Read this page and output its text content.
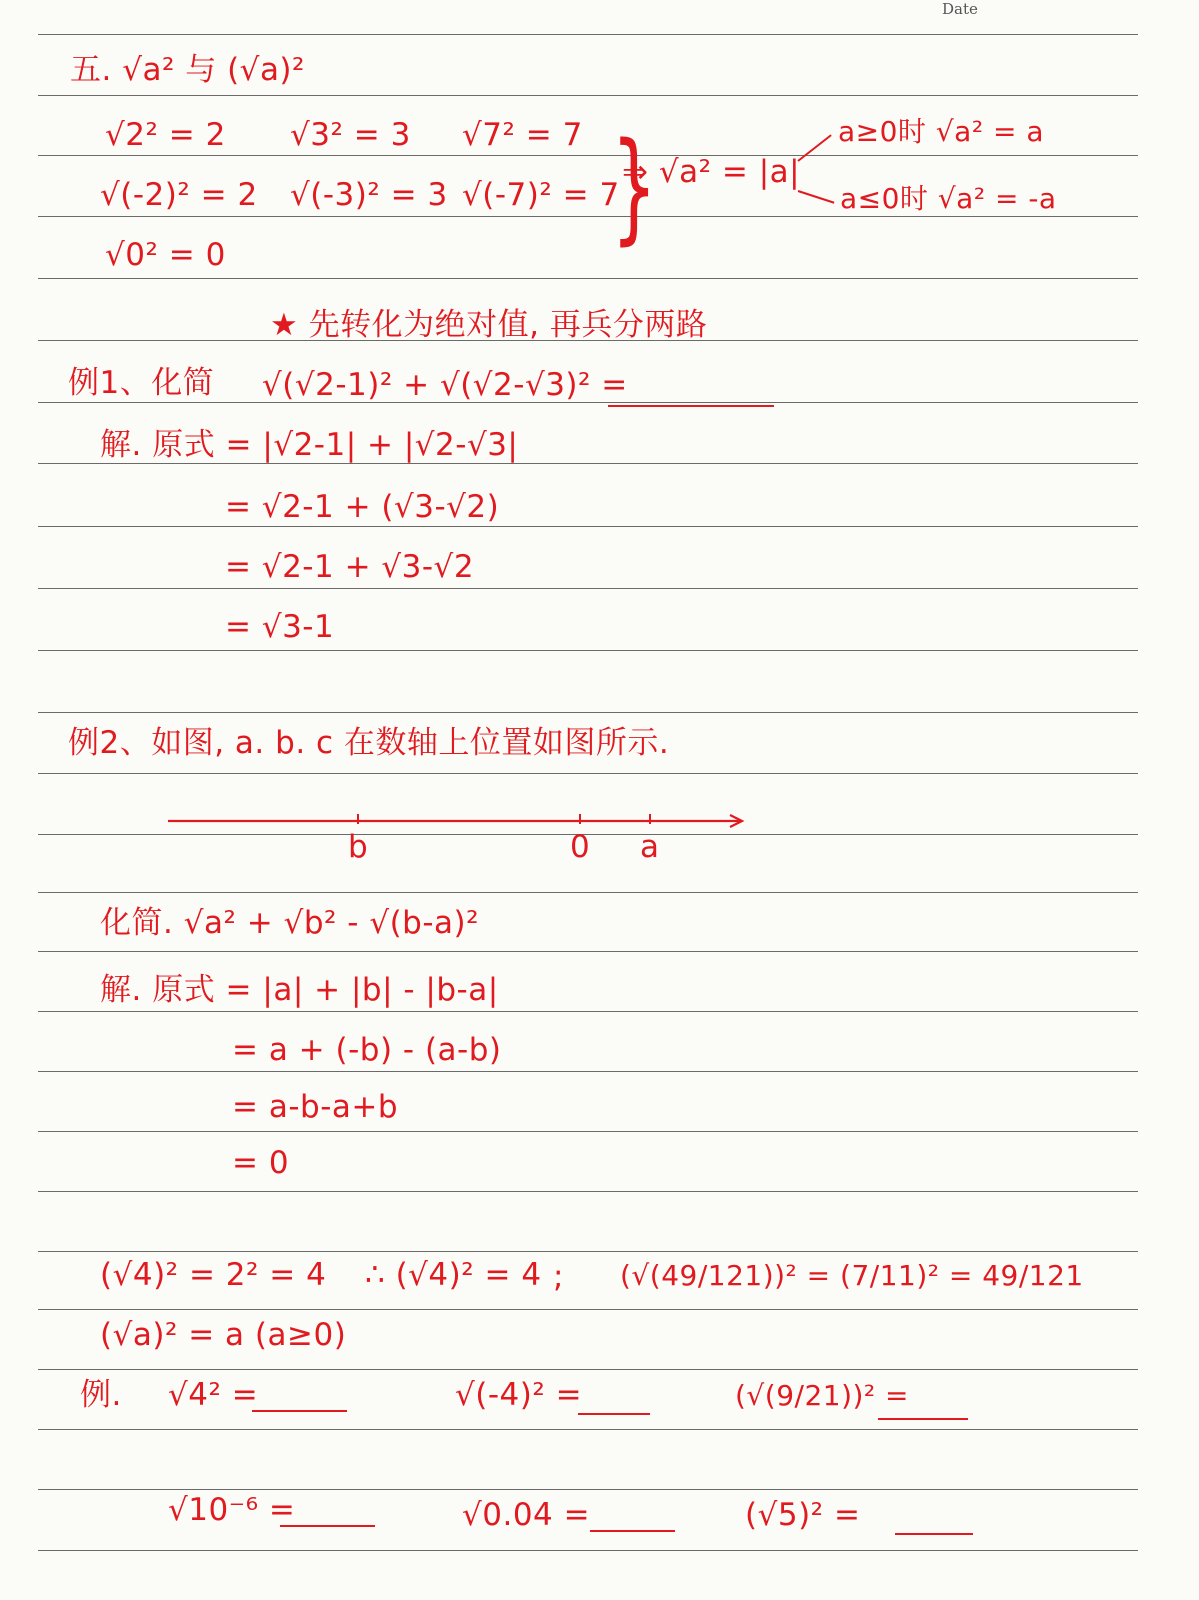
Date
五. √a² 与 (√a)²
√2² = 2 √3² = 3 √7² = 7
√(-2)² = 2 √(-3)² = 3 √(-7)² = 7
√0² = 0	}
⇒ √a² = |a|
a≥0时 √a² = a
a≤0时 √a² = -a
★ 先转化为绝对值, 再兵分两路
例1、化简 √(√2-1)² + √(√2-√3)² =
解. 原式 = |√2-1| + |√2-√3|
= √2-1 + (√3-√2)
= √2-1 + √3-√2
= √3-1
例2、如图, a. b. c 在数轴上位置如图所示.
b	0 a
化简. √a² + √b² - √(b-a)²
解. 原式 = |a| + |b| - |b-a|
= a + (-b) - (a-b)
= a-b-a+b
= 0
(√4)² = 2² = 4 ∴ (√4)² = 4 ; (√(49/121))² = (7/11)² = 49/121
(√a)² = a (a≥0)
例. √4² =	√(-4)² =	(√(9/21))² =
√10⁻⁶ =	√0.04 =	(√5)² =
